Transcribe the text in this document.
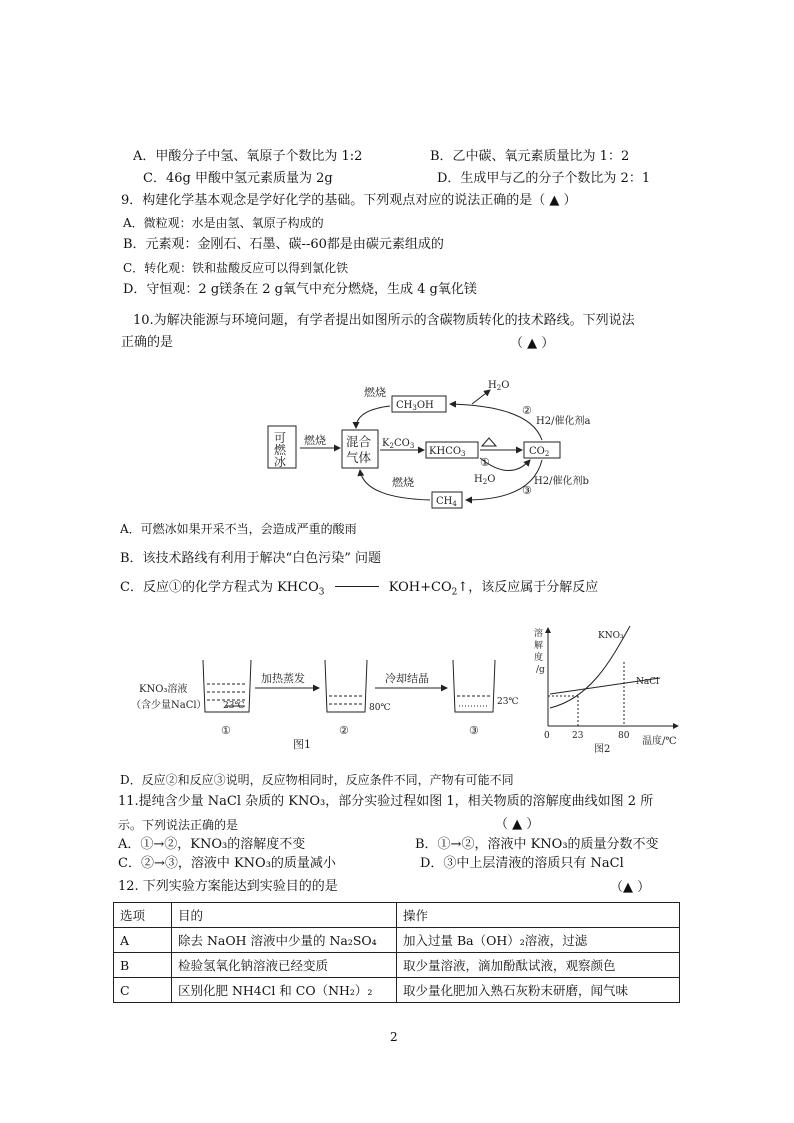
A．甲酸分子中氢、氧原子个数比为 1:2	B．乙中碳、氧元素质量比为 1：2
C．46g 甲酸中氢元素质量为 2g	D．生成甲与乙的分子个数比为 2：1
9．构建化学基本观念是学好化学的基础。下列观点对应的说法正确的是（ ▲ ）
A．微粒观：水是由氢、氧原子构成的
B．元素观：金刚石、石墨、碳--60都是由碳元素组成的
C．转化观：铁和盐酸反应可以得到氯化铁
D．守恒观：2 g镁条在 2 g氧气中充分燃烧，生成 4 g氧化镁
10.为解决能源与环境问题，有学者提出如图所示的含碳物质转化的技术路线。下列说法
正确的是	（ ▲ ）
可
燃
冰
混合
气体	$KHCO_3$	$CO_2$
$CH_3OH$
$CH_4$
燃烧	$K_2CO_3$
①
$H_2O$
燃烧
②
H2/催化剂a
$H_2O$
燃烧
③
H2/催化剂b
A．可燃冰如果开采不当，会造成严重的酸雨
B．该技术路线有利用于解决“白色污染” 问题
C．反应①的化学方程式为 $KHCO_3$	$KOH+CO_2↑$，该反应属于分解反应
加热蒸发	冷却结晶
KNO₃溶液
（含少量NaCl） 23℃	80℃
23℃
①	②	③
图1
溶
解
度
/g
KNO₃
NaCl
0 23	80 温度/℃
图2
D．反应②和反应③说明，反应物相同时，反应条件不同，产物有可能不同
11.提纯含少量 NaCl 杂质的 KNO₃，部分实验过程如图 1，相关物质的溶解度曲线如图 2 所
示。下列说法正确的是	（ ▲ ）
A．①→②，KNO₃的溶解度不变	B．①→②，溶液中 KNO₃的质量分数不变
C．②→③，溶液中 KNO₃的质量减小	D．③中上层清液的溶质只有 NaCl
12. 下列实验方案能达到实验目的的是	（▲ ）
选项	目的	操作
A	除去 NaOH 溶液中少量的 Na₂SO₄	加入过量 Ba（OH）₂溶液，过滤
B	检验氢氧化钠溶液已经变质	取少量溶液，滴加酚酞试液，观察颜色
C	区别化肥 NH4Cl 和 CO（NH₂）₂	取少量化肥加入熟石灰粉末研磨，闻气味
2
